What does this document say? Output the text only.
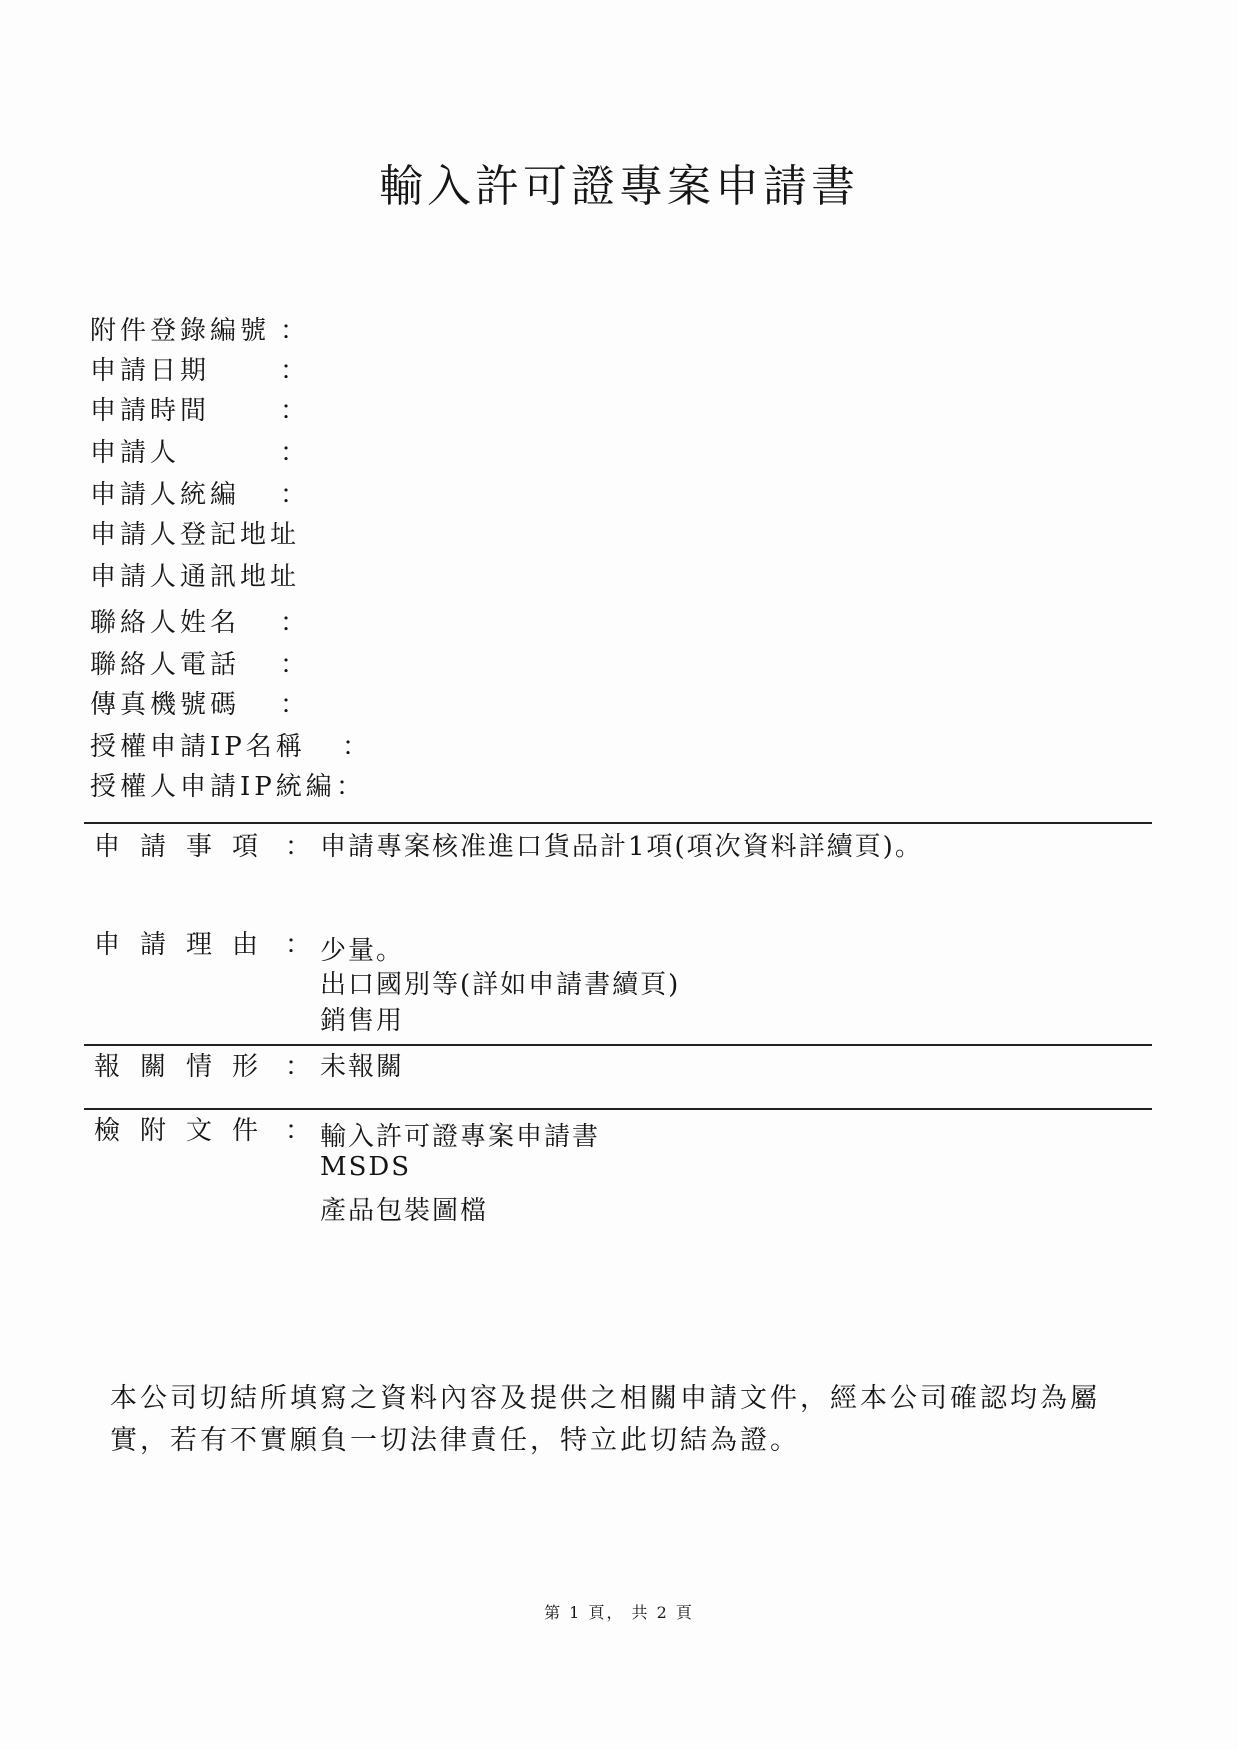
輸入許可證專案申請書
附件登錄編號 ：
申請日期	：
申請時間	：
申請人	：
申請人統編 ：
申請人登記地址
申請人通訊地址
聯絡人姓名 ：
聯絡人電話 ：
傳真機號碼 ：
授權申請IP名稱 ：
授權人申請IP統編 ：
申請事項 ： 申請專案核准進口貨品計1項(項次資料詳續頁)。
申請理由 ： 少量。
出口國別等(詳如申請書續頁)
銷售用
報關情形 ： 未報關
檢附文件 ： 輸入許可證專案申請書
MSDS
產品包裝圖檔
本公司切結所填寫之資料內容及提供之相關申請文件，經本公司確認均為屬實，若有不實願負一切法律責任，特立此切結為證。
第 1 頁， 共 2 頁
